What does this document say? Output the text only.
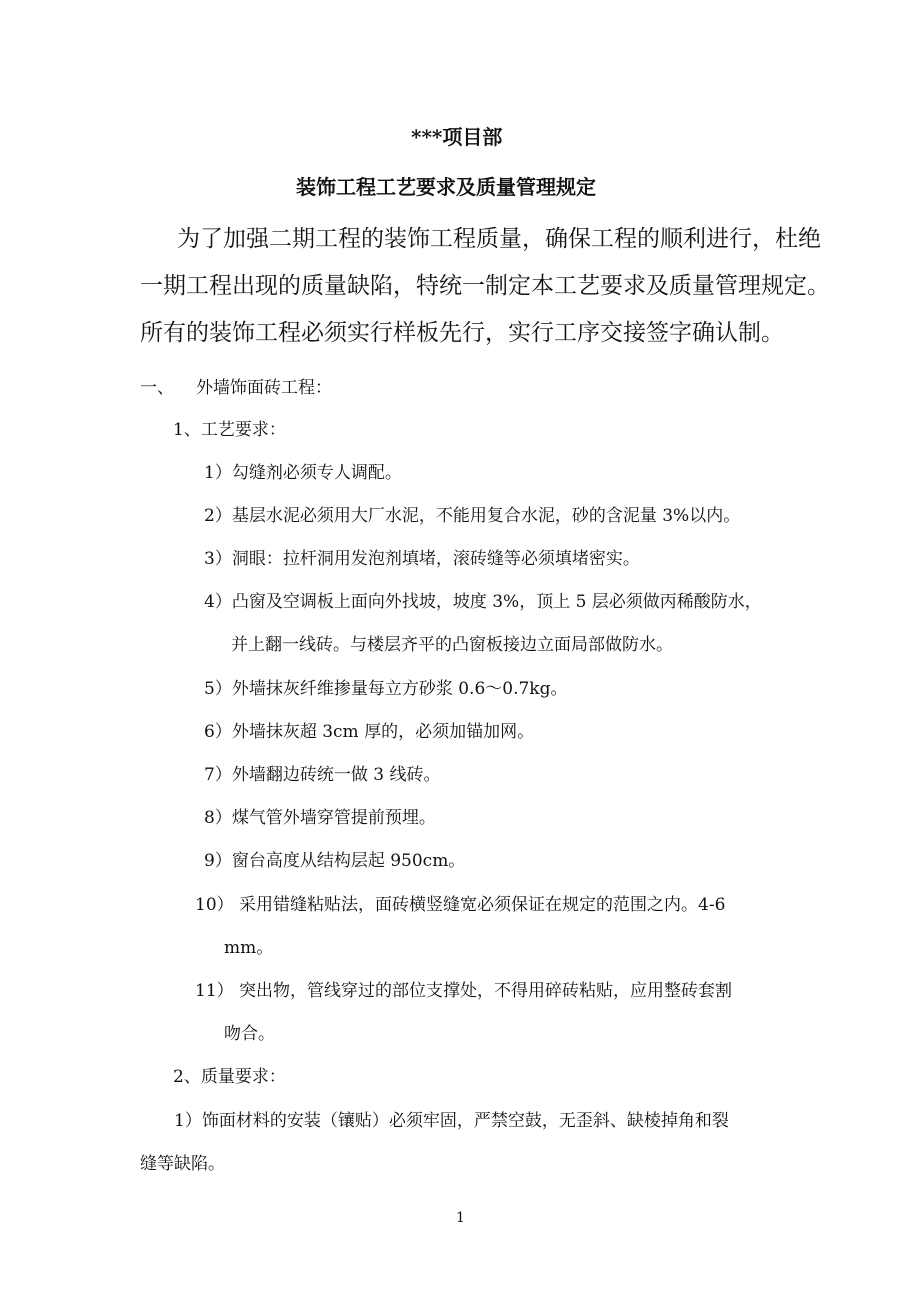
***项目部
装饰工程工艺要求及质量管理规定
为了加强二期工程的装饰工程质量，确保工程的顺利进行，杜绝
一期工程出现的质量缺陷，特统一制定本工艺要求及质量管理规定。
所有的装饰工程必须实行样板先行，实行工序交接签字确认制。
一、 外墙饰面砖工程：
1、工艺要求：
1）勾缝剂必须专人调配。
2）基层水泥必须用大厂水泥，不能用复合水泥，砂的含泥量 3%以内。
3）洞眼：拉杆洞用发泡剂填堵，滚砖缝等必须填堵密实。
4）凸窗及空调板上面向外找坡，坡度 3%，顶上 5 层必须做丙稀酸防水，
并上翻一线砖。与楼层齐平的凸窗板接边立面局部做防水。
5）外墙抹灰纤维掺量每立方砂浆 0.6～0.7kg。
6）外墙抹灰超 3cm 厚的，必须加锚加网。
7）外墙翻边砖统一做 3 线砖。
8）煤气管外墙穿管提前预埋。
9）窗台高度从结构层起 950cm。
10） 采用错缝粘贴法，面砖横竖缝宽必须保证在规定的范围之内。4-6
mm。
11） 突出物，管线穿过的部位支撑处，不得用碎砖粘贴，应用整砖套割
吻合。
2、质量要求：
1）饰面材料的安装（镶贴）必须牢固，严禁空鼓，无歪斜、缺棱掉角和裂
缝等缺陷。
1
